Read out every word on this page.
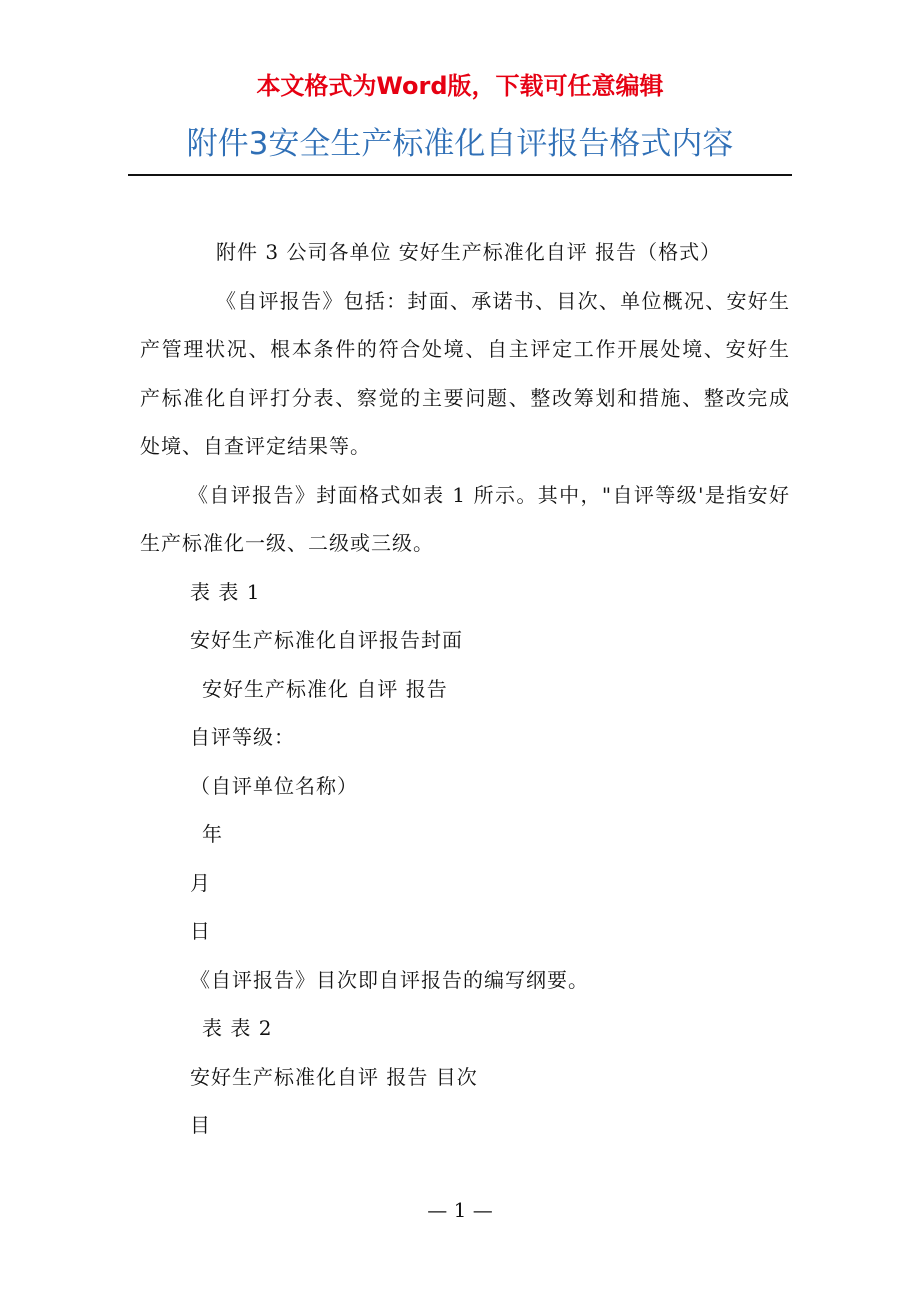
本文格式为Word版，下载可任意编辑
附件3安全生产标准化自评报告格式内容

附件 3 公司各单位 安好生产标准化自评 报告（格式）

《自评报告》包括：封面、承诺书、目次、单位概况、安好生产管理状况、根本条件的符合处境、自主评定工作开展处境、安好生产标准化自评打分表、察觉的主要问题、整改筹划和措施、整改完成处境、自查评定结果等。

《自评报告》封面格式如表 1 所示。其中，"自评等级'是指安好生产标准化一级、二级或三级。

表 表 1

安好生产标准化自评报告封面

安好生产标准化 自评 报告

自评等级：

（自评单位名称）

年

月

日

《自评报告》目次即自评报告的编写纲要。

表 表 2

安好生产标准化自评 报告 目次

目

— 1 —
